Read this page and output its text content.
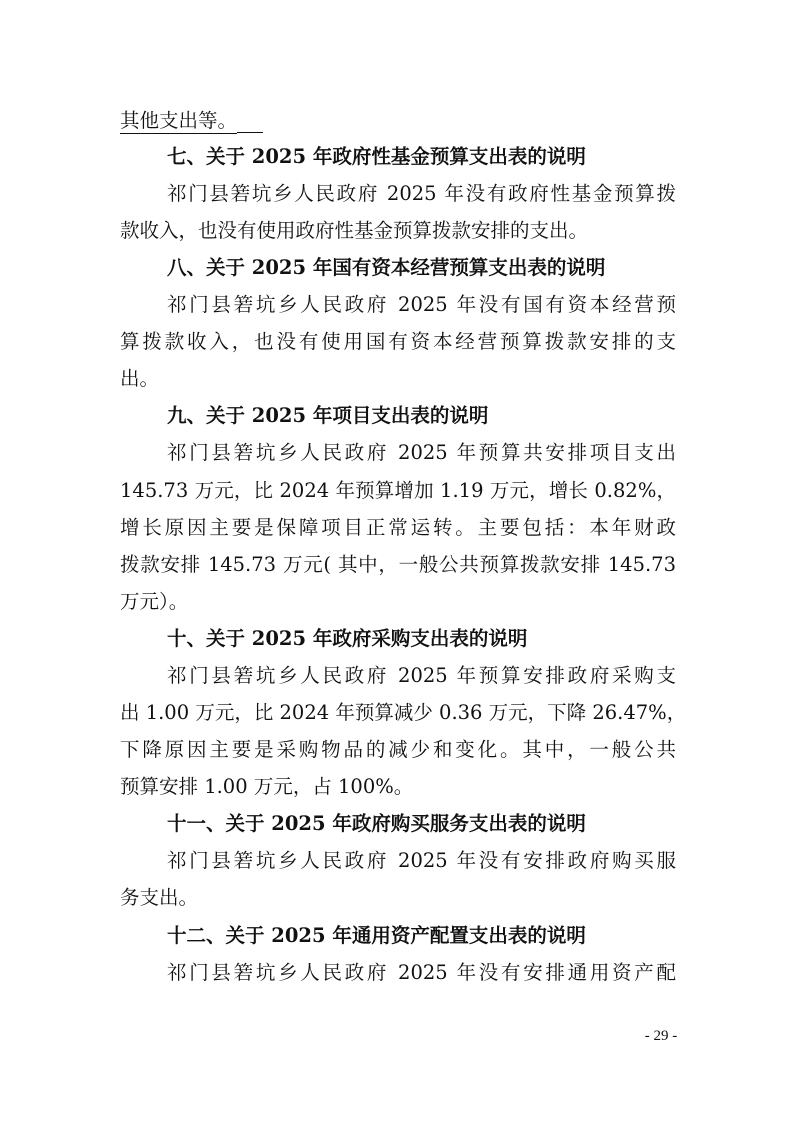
其他支出等。
七、关于 2025 年政府性基金预算支出表的说明
祁门县箬坑乡人民政府 2025 年没有政府性基金预算拨
款收入，也没有使用政府性基金预算拨款安排的支出。
八、关于 2025 年国有资本经营预算支出表的说明
祁门县箬坑乡人民政府 2025 年没有国有资本经营预
算拨款收入，也没有使用国有资本经营预算拨款安排的支
出。
九、关于 2025 年项目支出表的说明
祁门县箬坑乡人民政府 2025 年预算共安排项目支出
145.73 万元，比 2024 年预算增加 1.19 万元，增长 0.82%，
增长原因主要是保障项目正常运转。主要包括：本年财政
拨款安排 145.73 万元( 其中，一般公共预算拨款安排 145.73
万元）。
十、关于 2025 年政府采购支出表的说明
祁门县箬坑乡人民政府 2025 年预算安排政府采购支
出 1.00 万元，比 2024 年预算减少 0.36 万元，下降 26.47%，
下降原因主要是采购物品的减少和变化。其中，一般公共
预算安排 1.00 万元，占 100%。
十一、关于 2025 年政府购买服务支出表的说明
祁门县箬坑乡人民政府 2025 年没有安排政府购买服
务支出。
十二、关于 2025 年通用资产配置支出表的说明
祁门县箬坑乡人民政府 2025 年没有安排通用资产配
- 29 -
